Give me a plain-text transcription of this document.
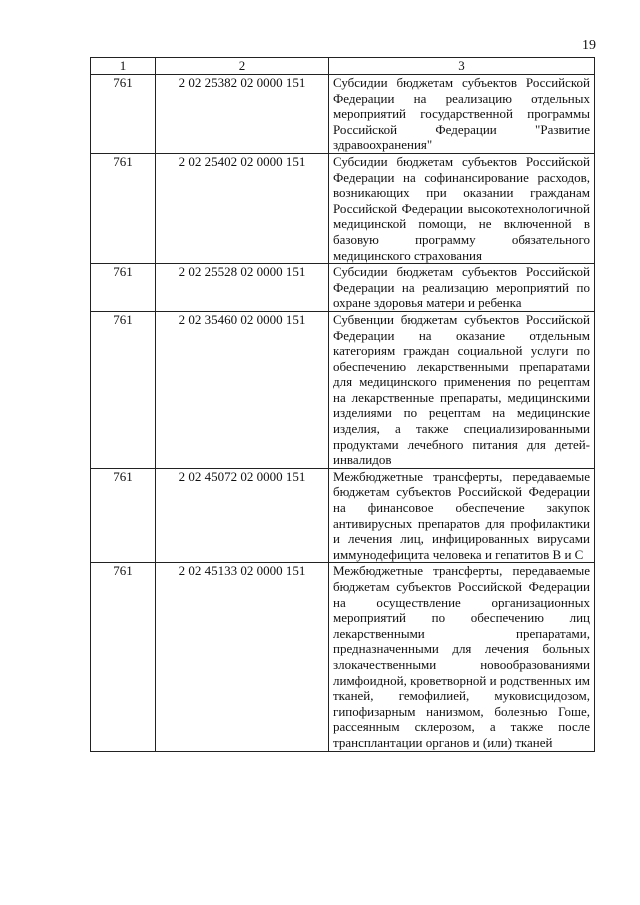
19
1	2	3
761	2 02 25382 02 0000 151	Субсидии бюджетам субъектов Российской Федерации на реализацию отдельных мероприятий государственной программы Российской Федерации "Развитие здравоохранения"
761	2 02 25402 02 0000 151	Субсидии бюджетам субъектов Российской Федерации на софинансирование расходов, возникающих при оказании гражданам Российской Федерации высокотехнологичной медицинской помощи, не включенной в базовую программу обязательного медицинского страхования
761	2 02 25528 02 0000 151	Субсидии бюджетам субъектов Российской Федерации на реализацию мероприятий по охране здоровья матери и ребенка
761	2 02 35460 02 0000 151	Субвенции бюджетам субъектов Российской Федерации на оказание отдельным категориям граждан социальной услуги по обеспечению лекарственными препаратами для медицинского применения по рецептам на лекарственные препараты, медицинскими изделиями по рецептам на медицинские изделия, а также специализированными продуктами лечебного питания для детей-инвалидов
761	2 02 45072 02 0000 151	Межбюджетные трансферты, передаваемые бюджетам субъектов Российской Федерации на финансовое обеспечение закупок антивирусных препаратов для профилактики и лечения лиц, инфицированных вирусами иммунодефицита человека и гепатитов В и С
761	2 02 45133 02 0000 151	Межбюджетные трансферты, передаваемые бюджетам субъектов Российской Федерации на осуществление организационных мероприятий по обеспечению лиц лекарственными препаратами, предназначенными для лечения больных злокачественными новообразованиями лимфоидной, кроветворной и родственных им тканей, гемофилией, муковисцидозом, гипофизарным нанизмом, болезнью Гоше, рассеянным склерозом, а также после трансплантации органов и (или) тканей
